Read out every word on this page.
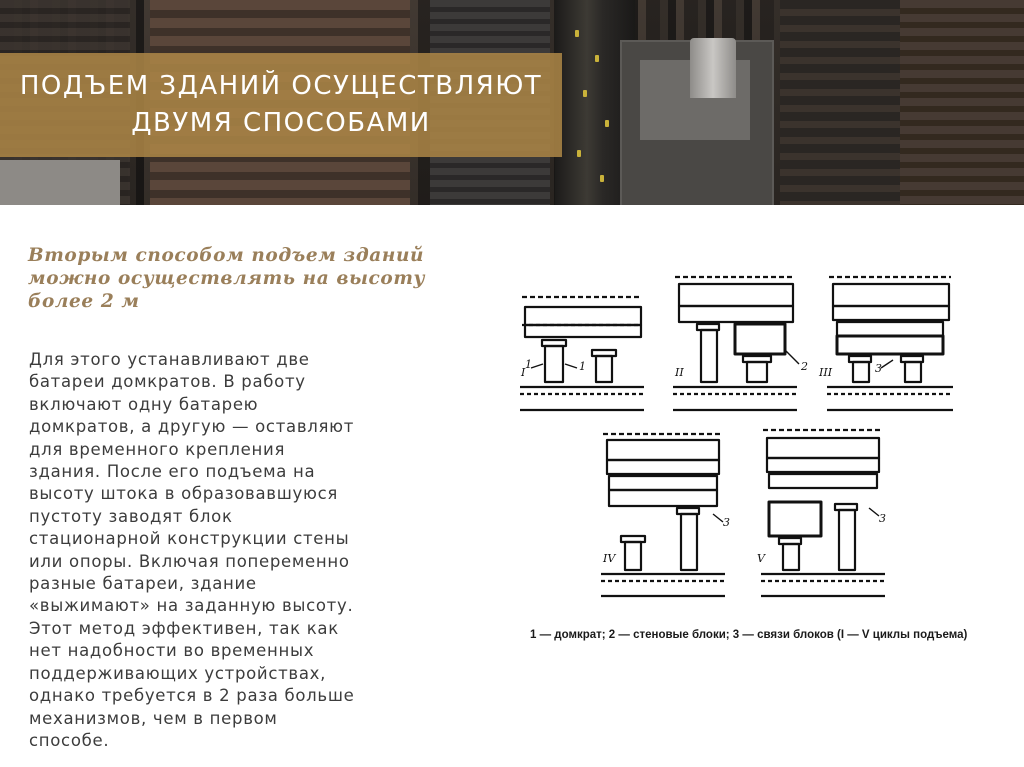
ПОДЪЕМ ЗДАНИЙ ОСУЩЕСТВЛЯЮТ
ДВУМЯ СПОСОБАМИ

Вторым способом подъем зданий можно осуществлять на высоту более 2 м

Для этого устанавливают две
батареи домкратов. В работу
включают одну батарею
домкратов, а другую — оставляют
для временного крепления
здания. После его подъема на
высоту штока в образовавшуюся
пустоту заводят блок
стационарной конструкции стены
или опоры. Включая попеременно
разные батареи, здание
«выжимают» на заданную высоту.
Этот метод эффективен, так как
нет надобности во временных
поддерживающих устройствах,
однако требуется в 2 раза больше
механизмов, чем в первом
способе.

I
1	1	II	2 III	3
IV
3
V
3

1 — домкрат; 2 — стеновые блоки; 3 — связи блоков (I — V циклы подъема)
